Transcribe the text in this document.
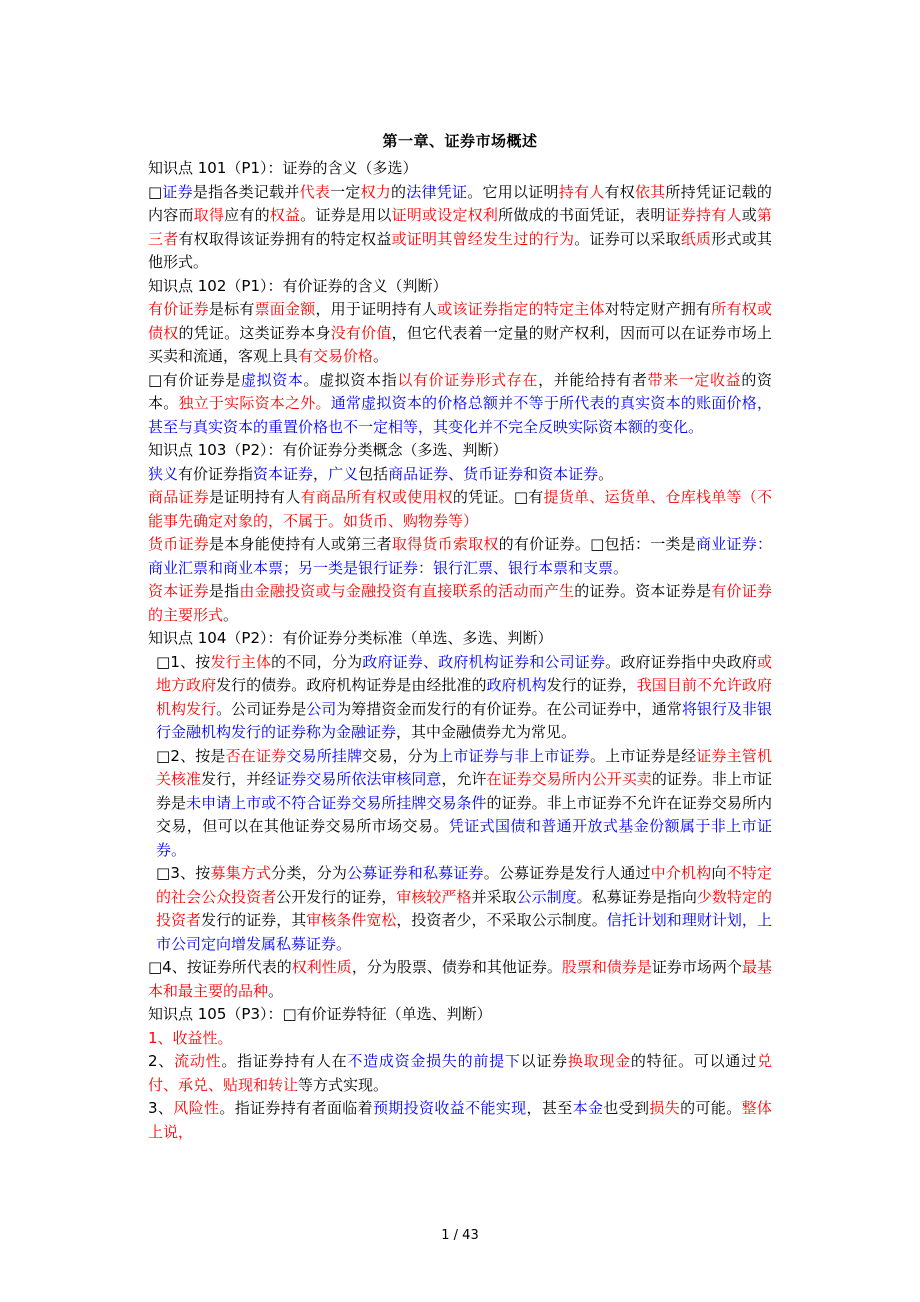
第一章、证券市场概述

知识点 101（P1）：证券的含义（多选）

□证券是指各类记载并代表一定权力的法律凭证。它用以证明持有人有权依其所持凭证记载的内容而取得应有的权益。证券是用以证明或设定权利所做成的书面凭证，表明证券持有人或第三者有权取得该证券拥有的特定权益或证明其曾经发生过的行为。证券可以采取纸质形式或其他形式。

知识点 102（P1）：有价证券的含义（判断）

有价证券是标有票面金额，用于证明持有人或该证券指定的特定主体对特定财产拥有所有权或债权的凭证。这类证券本身没有价值，但它代表着一定量的财产权利，因而可以在证券市场上买卖和流通，客观上具有交易价格。

□有价证券是虚拟资本。虚拟资本指以有价证券形式存在，并能给持有者带来一定收益的资本。独立于实际资本之外。通常虚拟资本的价格总额并不等于所代表的真实资本的账面价格，甚至与真实资本的重置价格也不一定相等，其变化并不完全反映实际资本额的变化。

知识点 103（P2）：有价证券分类概念（多选、判断）

狭义有价证券指资本证券，广义包括商品证券、货币证券和资本证券。

商品证券是证明持有人有商品所有权或使用权的凭证。□有提货单、运货单、仓库栈单等（不能事先确定对象的，不属于。如货币、购物券等）

货币证券是本身能使持有人或第三者取得货币索取权的有价证券。□包括：一类是商业证券：商业汇票和商业本票；另一类是银行证券：银行汇票、银行本票和支票。

资本证券是指由金融投资或与金融投资有直接联系的活动而产生的证券。资本证券是有价证券的主要形式。

知识点 104（P2）：有价证券分类标准（单选、多选、判断）

□1、按发行主体的不同，分为政府证券、政府机构证券和公司证券。政府证券指中央政府或地方政府发行的债券。政府机构证券是由经批准的政府机构发行的证券，我国目前不允许政府机构发行。公司证券是公司为筹措资金而发行的有价证券。在公司证券中，通常将银行及非银行金融机构发行的证券称为金融证券，其中金融债券尤为常见。

□2、按是否在证券交易所挂牌交易，分为上市证券与非上市证券。上市证券是经证券主管机关核准发行，并经证券交易所依法审核同意，允许在证券交易所内公开买卖的证券。非上市证券是未申请上市或不符合证券交易所挂牌交易条件的证券。非上市证券不允许在证券交易所内交易，但可以在其他证券交易所市场交易。凭证式国债和普通开放式基金份额属于非上市证券。

□3、按募集方式分类，分为公募证券和私募证券。公募证券是发行人通过中介机构向不特定的社会公众投资者公开发行的证券，审核较严格并采取公示制度。私募证券是指向少数特定的投资者发行的证券，其审核条件宽松，投资者少，不采取公示制度。信托计划和理财计划，上市公司定向增发属私募证券。

□4、按证券所代表的权利性质，分为股票、债券和其他证券。股票和债券是证券市场两个最基本和最主要的品种。

知识点 105（P3）：□有价证券特征（单选、判断）

1、收益性。

2、流动性。指证券持有人在不造成资金损失的前提下以证券换取现金的特征。可以通过兑付、承兑、贴现和转让等方式实现。

3、风险性。指证券持有者面临着预期投资收益不能实现，甚至本金也受到损失的可能。整体上说，

1 / 43
